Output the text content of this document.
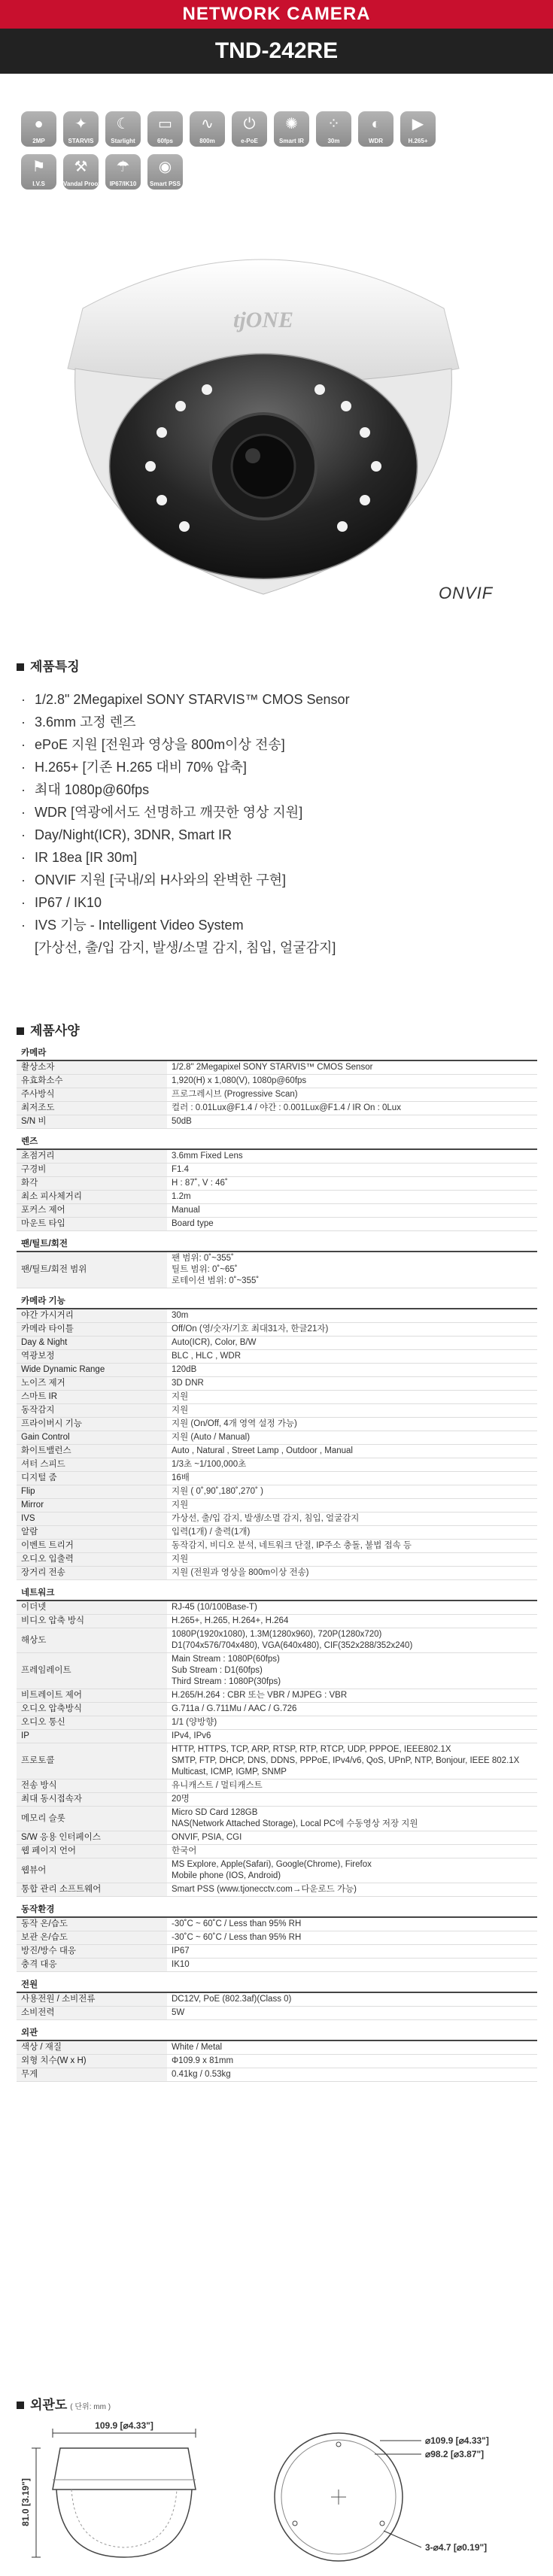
NETWORK CAMERA
TND-242RE
●
2MP
✦
STARVIS
☾
Starlight
▭
60fps
∿
800m
⏻
e-PoE
✺
Smart IR
⁘
30m
◐
WDR
▶
H.265+
⚑
I.V.S
⚒
Vandal Proof
☂
IP67/IK10
◉
Smart PSS
tjONE
ONVIF
제품특징
· 1/2.8" 2Megapixel SONY STARVIS™ CMOS Sensor
· 3.6mm 고정 렌즈
· ePoE 지원 [전원과 영상을 800m이상 전송]
· H.265+ [기존 H.265 대비 70% 압축]
· 최대 1080p@60fps
· WDR [역광에서도 선명하고 깨끗한 영상 지원]
· Day/Night(ICR), 3DNR, Smart IR
· IR 18ea [IR 30m]
· ONVIF 지원 [국내/외 H사와의 완벽한 구현]
· IP67 / IK10
· IVS 기능 - Intelligent Video System
[가상선, 출/입 감지, 발생/소멸 감지, 침입, 얼굴감지]
제품사양
카메라	
촬상소자	1/2.8" 2Megapixel SONY STARVIS™ CMOS Sensor
유효화소수	1,920(H) x 1,080(V), 1080p@60fps
주사방식	프로그레시브 (Progressive Scan)
최저조도	컬러 : 0.01Lux@F1.4 / 야간 : 0.001Lux@F1.4 / IR On : 0Lux
S/N 비	50dB
렌즈	
초점거리	3.6mm Fixed Lens
구경비	F1.4
화각	H : 87˚, V : 46˚
최소 피사체거리	1.2m
포커스 제어	Manual
마운트 타입	Board type
팬/틸트/회전	
팬/틸트/회전 범위	팬 범위: 0˚~355˚
틸트 범위: 0˚~65˚
로테이션 범위: 0˚~355˚
카메라 기능	
야간 가시거리	30m
카메라 타이틀	Off/On (영/숫자/기호 최대31자, 한글21자)
Day & Night	Auto(ICR), Color, B/W
역광보정	BLC , HLC , WDR
Wide Dynamic Range	120dB
노이즈 제거	3D DNR
스마트 IR	지원
동작감지	지원
프라이버시 기능	지원 (On/Off, 4개 영역 설정 가능)
Gain Control	지원 (Auto / Manual)
화이트밸런스	Auto , Natural , Street Lamp , Outdoor , Manual
셔터 스피드	1/3초 ~1/100,000초
디지털 줌	16배
Flip	지원 ( 0˚,90˚,180˚,270˚ )
Mirror	지원
IVS	가상선, 출/입 감지, 발생/소멸 감지, 침입, 얼굴감지
알람	입력(1개) / 출력(1개)
이벤트 트리거	동작감지, 비디오 분석, 네트워크 단절, IP주소 충돌, 불법 접속 등
오디오 입출력	지원
장거리 전송	지원 (전원과 영상을 800m이상 전송)
네트워크	
이더넷	RJ-45 (10/100Base-T)
비디오 압축 방식	H.265+, H.265, H.264+, H.264
해상도	1080P(1920x1080), 1.3M(1280x960), 720P(1280x720)
D1(704x576/704x480), VGA(640x480), CIF(352x288/352x240)
프레임레이트	Main Stream : 1080P(60fps)
Sub Stream : D1(60fps)
Third Stream : 1080P(30fps)
비트레이트 제어	H.265/H.264 : CBR 또는 VBR / MJPEG : VBR
오디오 압축방식	G.711a / G.711Mu / AAC / G.726
오디오 통신	1/1 (양방향)
IP	IPv4, IPv6
프로토콜	HTTP, HTTPS, TCP, ARP, RTSP, RTP, RTCP, UDP, PPPOE, IEEE802.1X
SMTP, FTP, DHCP, DNS, DDNS, PPPoE, IPv4/v6, QoS, UPnP, NTP, Bonjour, IEEE 802.1X
Multicast, ICMP, IGMP, SNMP
전송 방식	유니캐스트 / 멀티캐스트
최대 동시접속자	20명
메모리 슬롯	Micro SD Card 128GB
NAS(Network Attached Storage), Local PC에 수동영상 저장 지원
S/W 응용 인터페이스	ONVIF, PSIA, CGI
웹 페이지 언어	한국어
웹뷰어	MS Explore, Apple(Safari), Google(Chrome), Firefox
Mobile phone (IOS, Android)
통합 관리 소프트웨어	Smart PSS (www.tjonecctv.com→다운로드 가능)
동작환경	
동작 온/습도	-30˚C ~ 60˚C / Less than 95% RH
보관 온/습도	-30˚C ~ 60˚C / Less than 95% RH
방진/방수 대응	IP67
충격 대응	IK10
전원	
사용전원 / 소비전류	DC12V, PoE (802.3af)(Class 0)
소비전력	5W
외관	
색상 / 재질	White / Metal
외형 치수(W x H)	Φ109.9 x 81mm
무게	0.41kg / 0.53kg
외관도 ( 단위: mm )
109.9 [⌀4.33"]
81.0 [3.19"]
⌀109.9 [⌀4.33"]
⌀98.2 [⌀3.87"]
3-⌀4.7 [⌀0.19"]
